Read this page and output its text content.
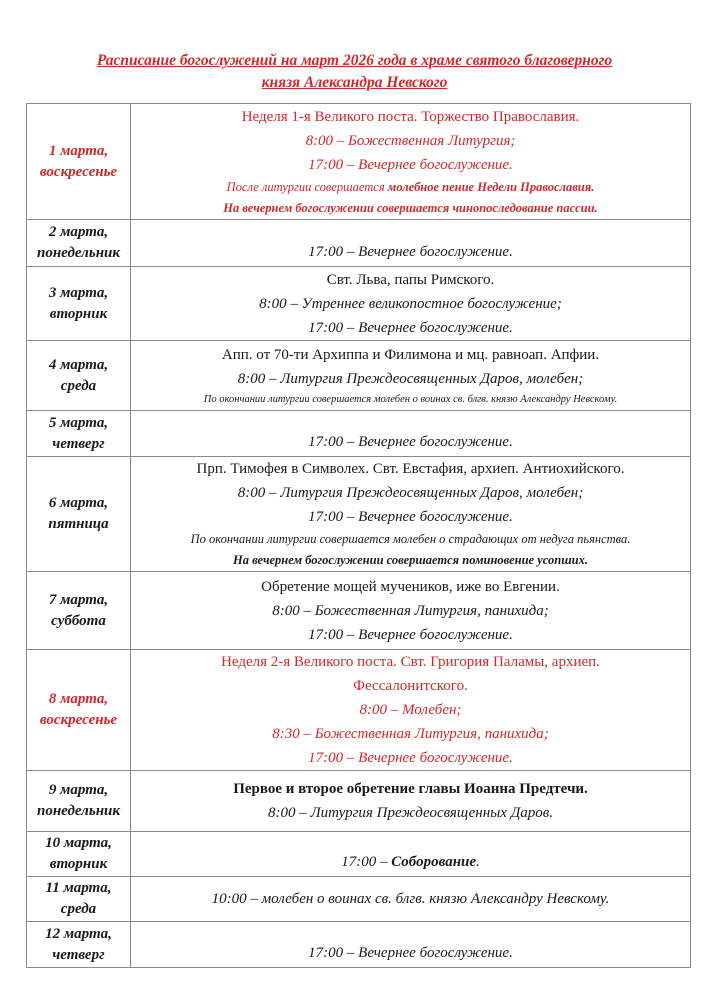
Расписание богослужений на март 2026 года в храме святого благоверного
князя Александра Невского
1 марта,
воскресенье	Неделя 1-я Великого поста. Торжество Православия.
8:00 – Божественная Литургия;
17:00 – Вечернее богослужение.
После литургии совершается молебное пение Недели Православия.
На вечернем богослужении совершается чинопоследование пассии.

2 марта,
понедельник	17:00 – Вечернее богослужение.

3 марта,
вторник	Свт. Льва, папы Римского.
8:00 – Утреннее великопостное богослужение;
17:00 – Вечернее богослужение.

4 марта,
среда	Апп. от 70-ти Архиппа и Филимона и мц. равноап. Апфии.
8:00 – Литургия Преждеосвященных Даров, молебен;
По окончании литургии совершается молебен о воинах св. блгв. князю Александру Невскому.

5 марта,
четверг	17:00 – Вечернее богослужение.

6 марта,
пятница	Прп. Тимофея в Символех. Свт. Евстафия, архиеп. Антиохийского.
8:00 – Литургия Преждеосвященных Даров, молебен;
17:00 – Вечернее богослужение.
По окончании литургии совершается молебен о страдающих от недуга пьянства.
На вечернем богослужении совершается поминовение усопших.

7 марта,
суббота	Обретение мощей мучеников, иже во Евгении.
8:00 – Божественная Литургия, панихида;
17:00 – Вечернее богослужение.

8 марта,
воскресенье	Неделя 2-я Великого поста. Свт. Григория Паламы, архиеп.
Фессалонитского.
8:00 – Молебен;
8:30 – Божественная Литургия, панихида;
17:00 – Вечернее богослужение.

9 марта,
понедельник	Первое и второе обретение главы Иоанна Предтечи.
8:00 – Литургия Преждеосвященных Даров.

10 марта,
вторник	17:00 – Соборование.

11 марта,
среда	10:00 – молебен о воинах св. блгв. князю Александру Невскому.

12 марта,
четверг	17:00 – Вечернее богослужение.
